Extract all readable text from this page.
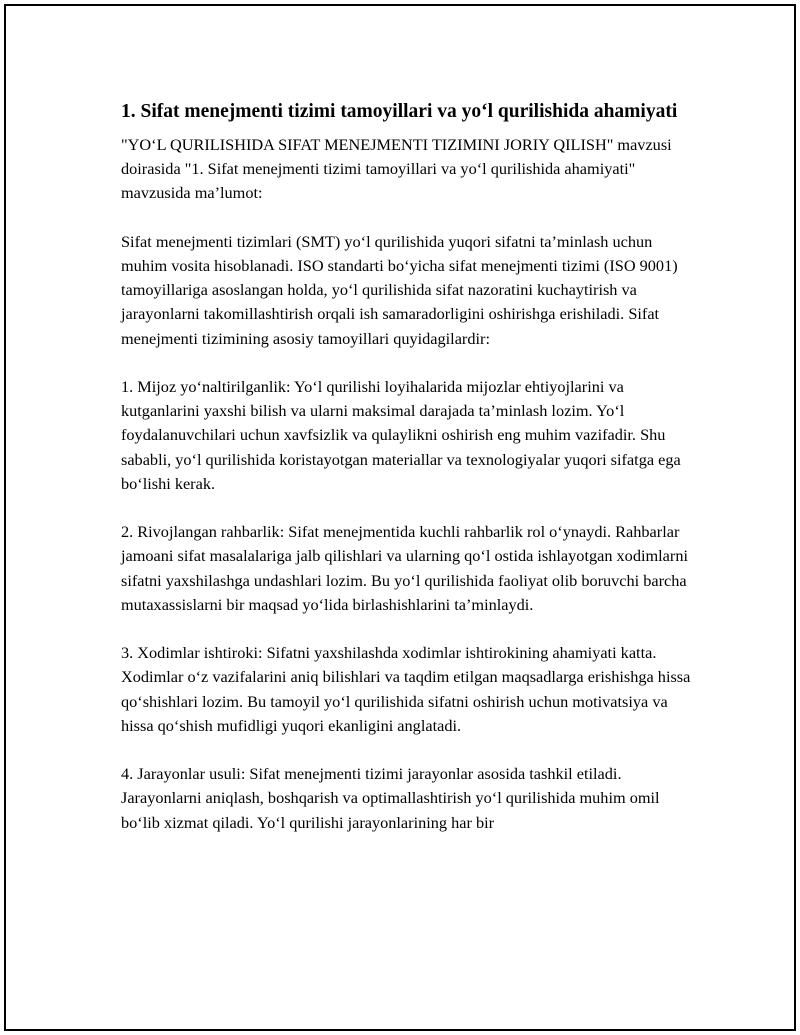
1. Sifat menejmenti tizimi tamoyillari va yo‘l qurilishida ahamiyati

"YO‘L QURILISHIDA SIFAT MENEJMENTI TIZIMINI JORIY QILISH" mavzusi doirasida "1. Sifat menejmenti tizimi tamoyillari va yo‘l qurilishida ahamiyati" mavzusida ma’lumot:

Sifat menejmenti tizimlari (SMT) yo‘l qurilishida yuqori sifatni ta’minlash uchun muhim vosita hisoblanadi. ISO standarti bo‘yicha sifat menejmenti tizimi (ISO 9001) tamoyillariga asoslangan holda, yo‘l qurilishida sifat nazoratini kuchaytirish va jarayonlarni takomillashtirish orqali ish samaradorligini oshirishga erishiladi. Sifat menejmenti tizimining asosiy tamoyillari quyidagilardir:

1. Mijoz yo‘naltirilganlik: Yo‘l qurilishi loyihalarida mijozlar ehtiyojlarini va kutganlarini yaxshi bilish va ularni maksimal darajada ta’minlash lozim. Yo‘l foydalanuvchilari uchun xavfsizlik va qulaylikni oshirish eng muhim vazifadir. Shu sababli, yo‘l qurilishida koristayotgan materiallar va texnologiyalar yuqori sifatga ega bo‘lishi kerak.

2. Rivojlangan rahbarlik: Sifat menejmentida kuchli rahbarlik rol o‘ynaydi. Rahbarlar jamoani sifat masalalariga jalb qilishlari va ularning qo‘l ostida ishlayotgan xodimlarni sifatni yaxshilashga undashlari lozim. Bu yo‘l qurilishida faoliyat olib boruvchi barcha mutaxassislarni bir maqsad yo‘lida birlashishlarini ta’minlaydi.

3. Xodimlar ishtiroki: Sifatni yaxshilashda xodimlar ishtirokining ahamiyati katta. Xodimlar o‘z vazifalarini aniq bilishlari va taqdim etilgan maqsadlarga erishishga hissa qo‘shishlari lozim. Bu tamoyil yo‘l qurilishida sifatni oshirish uchun motivatsiya va hissa qo‘shish mufidligi yuqori ekanligini anglatadi.

4. Jarayonlar usuli: Sifat menejmenti tizimi jarayonlar asosida tashkil etiladi. Jarayonlarni aniqlash, boshqarish va optimallashtirish yo‘l qurilishida muhim omil bo‘lib xizmat qiladi. Yo‘l qurilishi jarayonlarining har bir
